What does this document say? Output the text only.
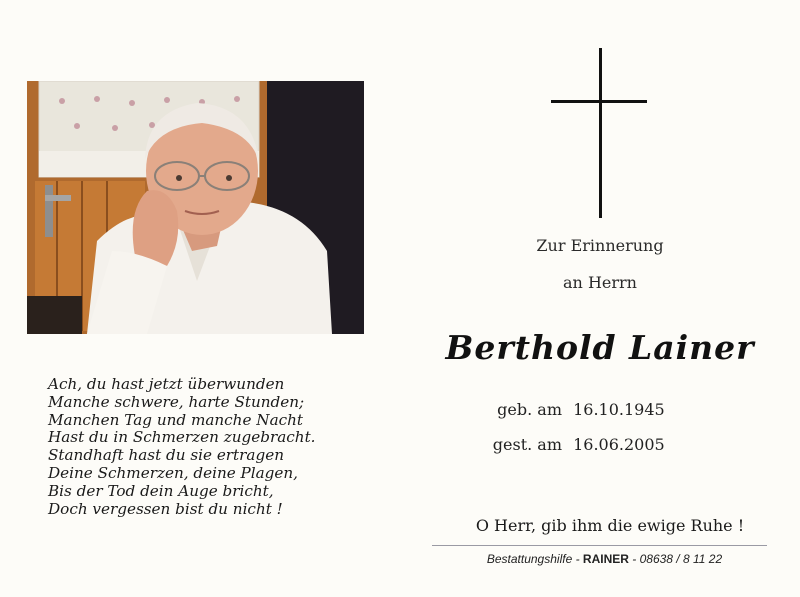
Zur Erinnerung
an Herrn
Berthold Lainer
geb. am 16.10.1945
gest. am 16.06.2005
Ach, du hast jetzt überwunden
Manche schwere, harte Stunden;
Manchen Tag und manche Nacht
Hast du in Schmerzen zugebracht.
Standhaft hast du sie ertragen
Deine Schmerzen, deine Plagen,
Bis der Tod dein Auge bricht,
Doch vergessen bist du nicht !
O Herr, gib ihm die ewige Ruhe !
Bestattungshilfe - RAINER - 08638 / 8 11 22
